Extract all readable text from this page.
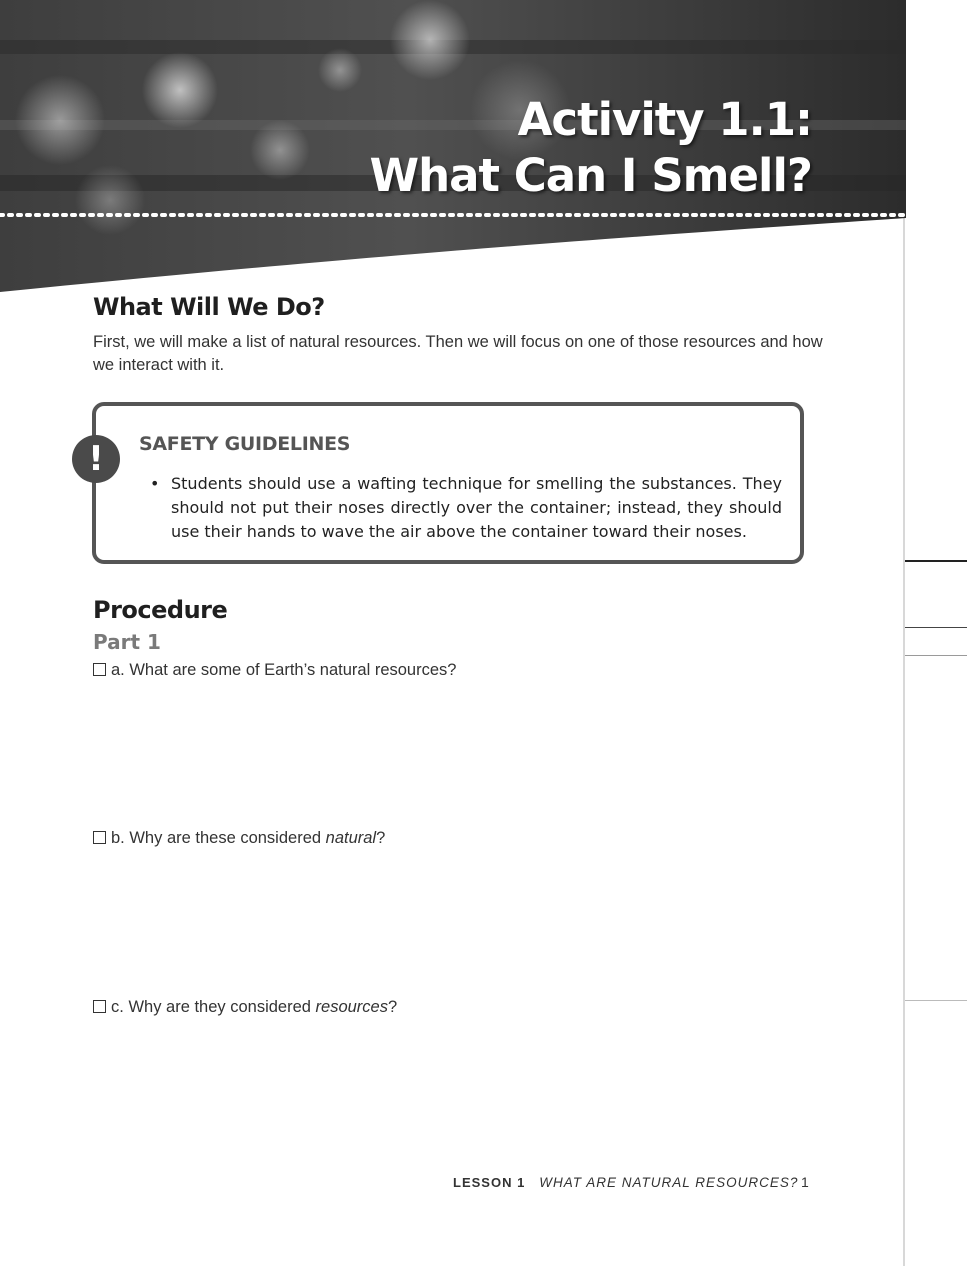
Activity 1.1:
What Can I Smell?
What Will We Do?
First, we will make a list of natural resources. Then we will focus on one of those resources and how we interact with it.
!	SAFETY GUIDELINES
• Students should use a wafting technique for smelling the substances. They should not put their noses directly over the container; instead, they should use their hands to wave the air above the container toward their noses.
Procedure
Part 1
a. What are some of Earth’s natural resources?
b. Why are these considered natural?
c. Why are they considered resources?
LESSON 1 WHAT ARE NATURAL RESOURCES? 1
